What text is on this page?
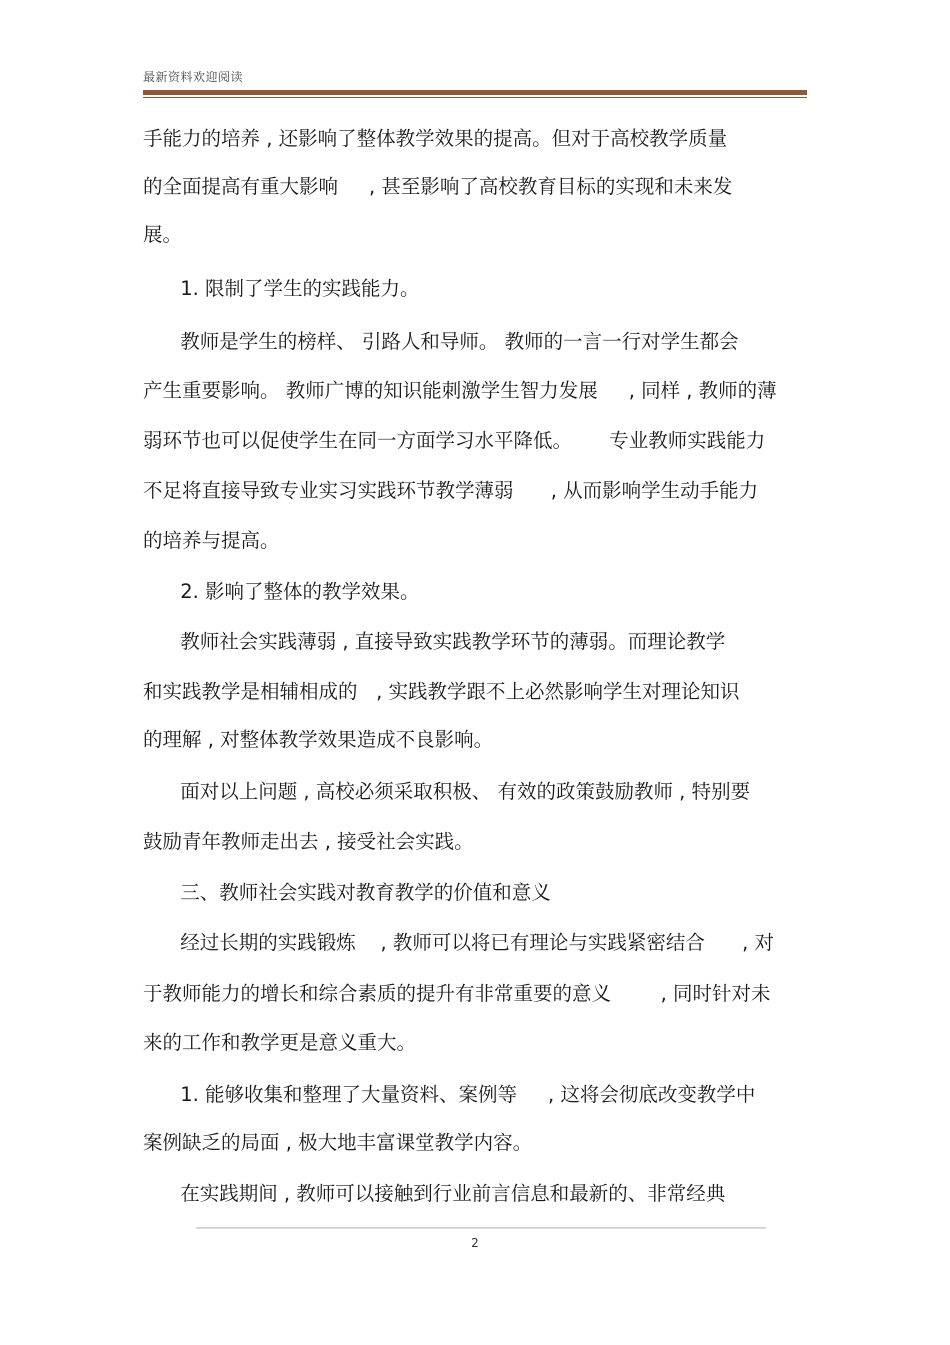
最新资料欢迎阅读
手能力的培养 , 还影响了整体教学效果的提高。但对于高校教学质量
的全面提高有重大影响     , 甚至影响了高校教育目标的实现和未来发
展。
1. 限制了学生的实践能力。
教师是学生的榜样、 引路人和导师。 教师的一言一行对学生都会
产生重要影响。 教师广博的知识能刺激学生智力发展     , 同样 , 教师的薄
弱环节也可以促使学生在同一方面学习水平降低。      专业教师实践能力
不足将直接导致专业实习实践环节教学薄弱      , 从而影响学生动手能力
的培养与提高。
2. 影响了整体的教学效果。
教师社会实践薄弱 , 直接导致实践教学环节的薄弱。而理论教学
和实践教学是相辅相成的   , 实践教学跟不上必然影响学生对理论知识
的理解 , 对整体教学效果造成不良影响。
面对以上问题 , 高校必须采取积极、 有效的政策鼓励教师 , 特别要
鼓励青年教师走出去 , 接受社会实践。
三、教师社会实践对教育教学的价值和意义
经过长期的实践锻炼    , 教师可以将已有理论与实践紧密结合      , 对
于教师能力的增长和综合素质的提升有非常重要的意义        , 同时针对未
来的工作和教学更是意义重大。
1. 能够收集和整理了大量资料、案例等     , 这将会彻底改变教学中
案例缺乏的局面 , 极大地丰富课堂教学内容。
在实践期间 , 教师可以接触到行业前言信息和最新的、非常经典
2
